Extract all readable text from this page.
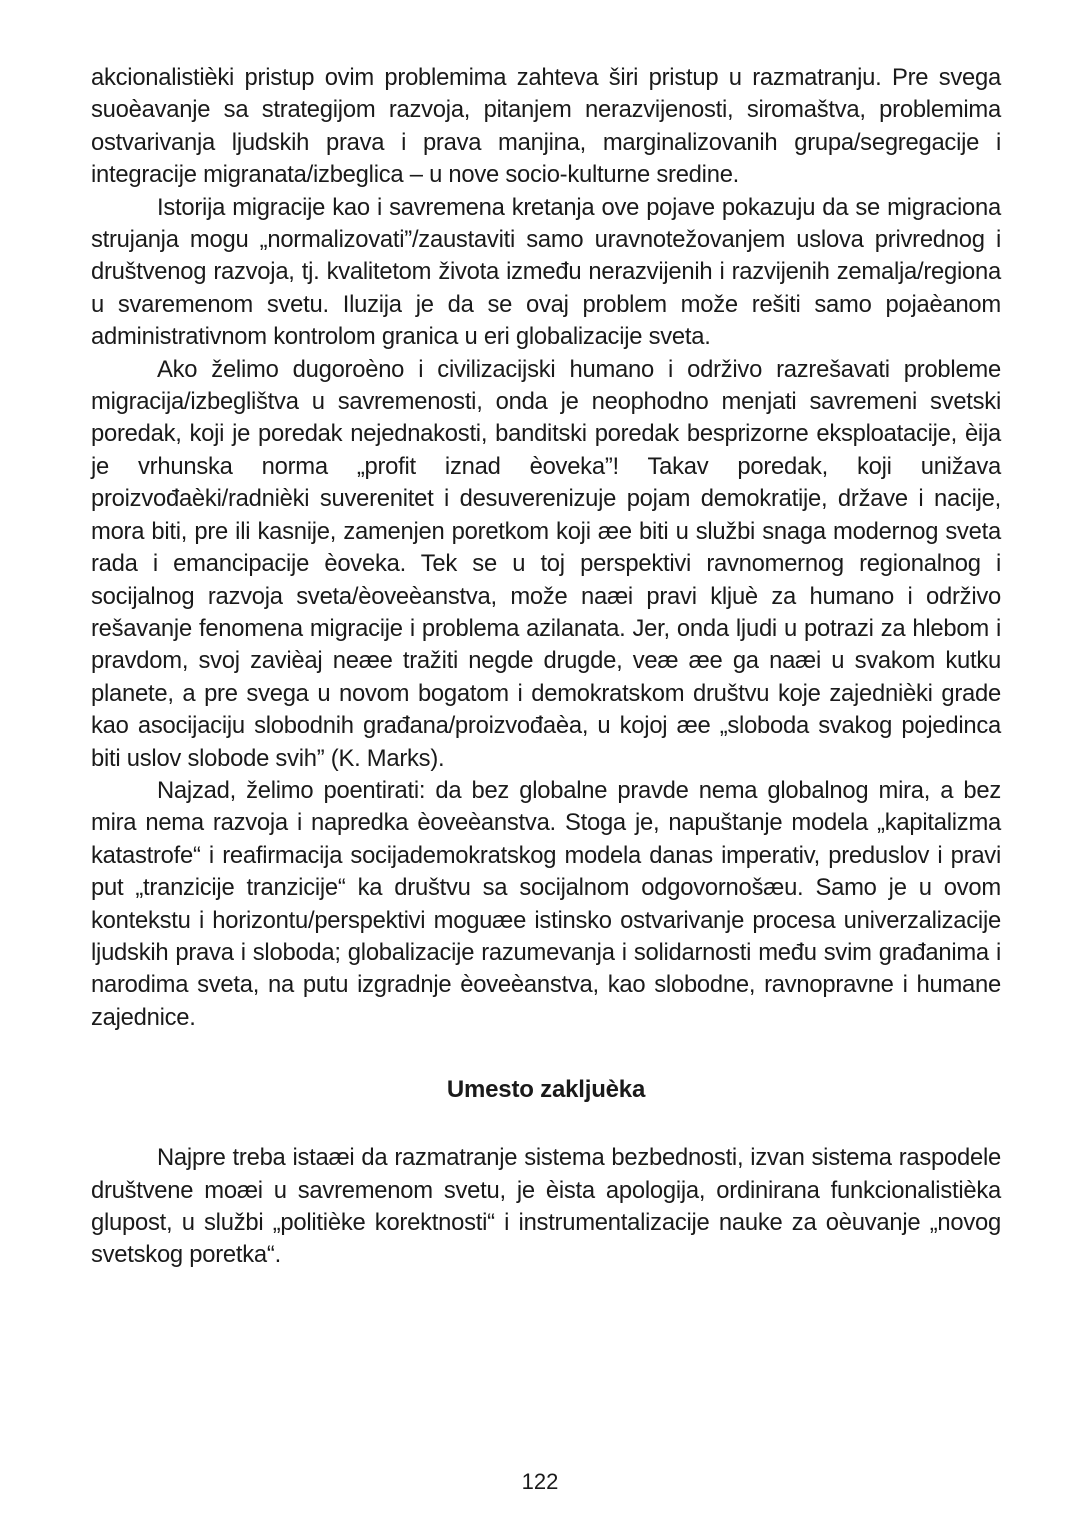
akcionalistièki pristup ovim problemima zahteva širi pristup u razmatranju. Pre svega suoèavanje sa strategijom razvoja, pitanjem nerazvijenosti, siromaštva, problemima ostvarivanja ljudskih prava i prava manjina, marginalizovanih grupa/segregacije i integracije migranata/izbeglica – u nove socio-kulturne sredine.

Istorija migracije kao i savremena kretanja ove pojave pokazuju da se migraciona strujanja mogu „normalizovati”/zaustaviti samo uravnotežovanjem uslova privrednog i društvenog razvoja, tj. kvalitetom života između nerazvijenih i razvijenih zemalja/regiona u svaremenom svetu. Iluzija je da se ovaj problem može rešiti samo pojaèanom administrativnom kontrolom granica u eri globalizacije sveta.

Ako želimo dugoroèno i civilizacijski humano i održivo razrešavati probleme migracija/izbeglištva u savremenosti, onda je neophodno menjati savremeni svetski poredak, koji je poredak nejednakosti, banditski poredak besprizorne eksploatacije, èija je vrhunska norma „profit iznad èoveka”! Takav poredak, koji unižava proizvođaèki/radnièki suverenitet i desuverenizuje pojam demokratije, države i nacije, mora biti, pre ili kasnije, zamenjen poretkom koji æe biti u službi snaga modernog sveta rada i emancipacije èoveka. Tek se u toj perspektivi ravnomernog regionalnog i socijalnog razvoja sveta/èoveèanstva, može naæi pravi kljuè za humano i održivo rešavanje fenomena migracije i problema azilanata. Jer, onda ljudi u potrazi za hlebom i pravdom, svoj zavièaj neæe tražiti negde drugde, veæ æe ga naæi u svakom kutku planete, a pre svega u novom bogatom i demokratskom društvu koje zajednièki grade kao asocijaciju slobodnih građana/proizvođaèa, u kojoj æe „sloboda svakog pojedinca biti uslov slobode svih” (K. Marks).

Najzad, želimo poentirati: da bez globalne pravde nema globalnog mira, a bez mira nema razvoja i napredka èoveèanstva. Stoga je, napuštanje modela „kapitalizma katastrofe“ i reafirmacija socijademokratskog modela danas imperativ, preduslov i pravi put „tranzicije tranzicije“ ka društvu sa socijalnom odgovornošæu. Samo je u ovom kontekstu i horizontu/perspektivi moguæe istinsko ostvarivanje procesa univerzalizacije ljudskih prava i sloboda; globalizacije razumevanja i solidarnosti među svim građanima i narodima sveta, na putu izgradnje èoveèanstva, kao slobodne, ravnopravne i humane zajednice.

Umesto zakljuèka

Najpre treba istaæi da razmatranje sistema bezbednosti, izvan sistema raspodele društvene moæi u savremenom svetu, je èista apologija, ordinirana funkcionalistièka glupost, u službi „politièke korektnosti“ i instrumentalizacije nauke za oèuvanje „novog svetskog poretka“.

122
